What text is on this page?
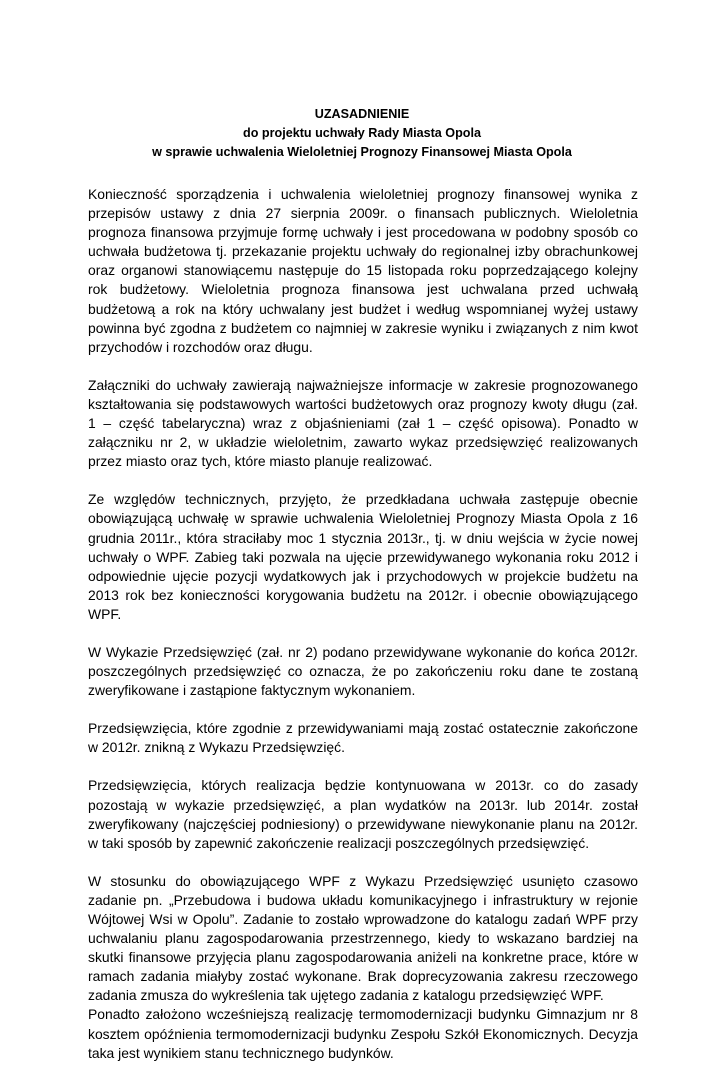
UZASADNIENIE
do projektu uchwały Rady Miasta Opola
w sprawie uchwalenia Wieloletniej Prognozy Finansowej Miasta Opola

Konieczność sporządzenia i uchwalenia wieloletniej prognozy finansowej wynika z przepisów ustawy z dnia 27 sierpnia 2009r. o finansach publicznych. Wieloletnia prognoza finansowa przyjmuje formę uchwały i jest procedowana w podobny sposób co uchwała budżetowa tj. przekazanie projektu uchwały do regionalnej izby obrachunkowej oraz organowi stanowiącemu następuje do 15 listopada roku poprzedzającego kolejny rok budżetowy. Wieloletnia prognoza finansowa jest uchwalana przed uchwałą budżetową a rok na który uchwalany jest budżet i według wspomnianej wyżej ustawy powinna być zgodna z budżetem co najmniej w zakresie wyniku i związanych z nim kwot przychodów i rozchodów oraz długu.

Załączniki do uchwały zawierają najważniejsze informacje w zakresie prognozowanego kształtowania się podstawowych wartości budżetowych oraz prognozy kwoty długu (zał. 1 – część tabelaryczna) wraz z objaśnieniami (zał 1 – część opisowa). Ponadto w załączniku nr 2, w układzie wieloletnim, zawarto wykaz przedsięwzięć realizowanych przez miasto oraz tych, które miasto planuje realizować.

Ze względów technicznych, przyjęto, że przedkładana uchwała zastępuje obecnie obowiązującą uchwałę w sprawie uchwalenia Wieloletniej Prognozy Miasta Opola z 16 grudnia 2011r., która straciłaby moc 1 stycznia 2013r., tj. w dniu wejścia w życie nowej uchwały o WPF. Zabieg taki pozwala na ujęcie przewidywanego wykonania roku 2012 i odpowiednie ujęcie pozycji wydatkowych jak i przychodowych w projekcie budżetu na 2013 rok bez konieczności korygowania budżetu na 2012r. i obecnie obowiązującego WPF.

W Wykazie Przedsięwzięć (zał. nr 2) podano przewidywane wykonanie do końca 2012r. poszczególnych przedsięwzięć co oznacza, że po zakończeniu roku dane te zostaną zweryfikowane i zastąpione faktycznym wykonaniem.

Przedsięwzięcia, które zgodnie z przewidywaniami mają zostać ostatecznie zakończone w 2012r. znikną z Wykazu Przedsięwzięć.

Przedsięwzięcia, których realizacja będzie kontynuowana w 2013r. co do zasady pozostają w wykazie przedsięwzięć, a plan wydatków na 2013r. lub 2014r. został zweryfikowany (najczęściej podniesiony) o przewidywane niewykonanie planu na 2012r. w taki sposób by zapewnić zakończenie realizacji poszczególnych przedsięwzięć.

W stosunku do obowiązującego WPF z Wykazu Przedsięwzięć usunięto czasowo zadanie pn. „Przebudowa i budowa układu komunikacyjnego i infrastruktury w rejonie Wójtowej Wsi w Opolu”. Zadanie to zostało wprowadzone do katalogu zadań WPF przy uchwalaniu planu zagospodarowania przestrzennego, kiedy to wskazano bardziej na skutki finansowe przyjęcia planu zagospodarowania aniżeli na konkretne prace, które w ramach zadania miałyby zostać wykonane. Brak doprecyzowania zakresu rzeczowego zadania zmusza do wykreślenia tak ujętego zadania z katalogu przedsięwzięć WPF.

Ponadto założono wcześniejszą realizację termomodernizacji budynku Gimnazjum nr 8 kosztem opóźnienia termomodernizacji budynku Zespołu Szkół Ekonomicznych. Decyzja taka jest wynikiem stanu technicznego budynków.
